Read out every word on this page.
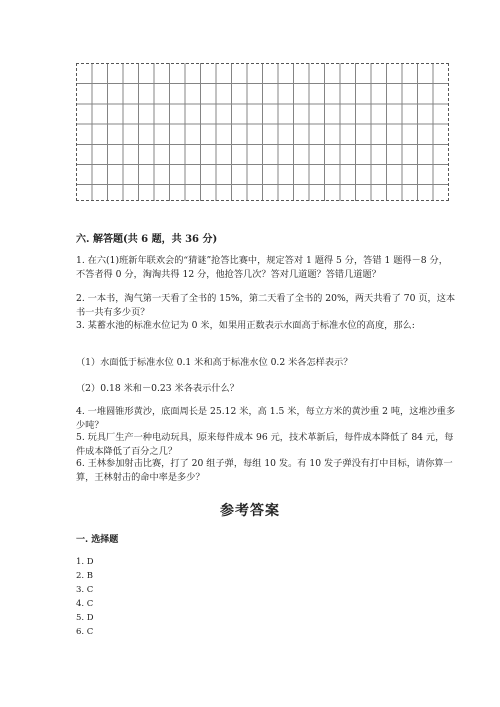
六. 解答题(共 6 题，共 36 分)
1. 在六(1)班新年联欢会的“猜谜”抢答比赛中，规定答对 1 题得 5 分，答错 1 题得－8 分，不答者得 0 分，淘淘共得 12 分，他抢答几次？答对几道题？答错几道题？
2. 一本书，淘气第一天看了全书的 15%，第二天看了全书的 20%，两天共看了 70 页，这本书一共有多少页？
3. 某蓄水池的标准水位记为 0 米，如果用正数表示水面高于标准水位的高度，那么:
（1）水面低于标准水位 0.1 米和高于标准水位 0.2 米各怎样表示？
（2）0.18 米和－0.23 米各表示什么？
4. 一堆圆锥形黄沙，底面周长是 25.12 米，高 1.5 米，每立方米的黄沙重 2 吨，这堆沙重多少吨？
5. 玩具厂生产一种电动玩具，原来每件成本 96 元，技术革新后，每件成本降低了 84 元，每件成本降低了百分之几？
6. 王林参加射击比赛，打了 20 组子弹，每组 10 发。有 10 发子弹没有打中目标，请你算一算，王林射击的命中率是多少？
参考答案
一. 选择题
1. D
2. B
3. C
4. C
5. D
6. C
